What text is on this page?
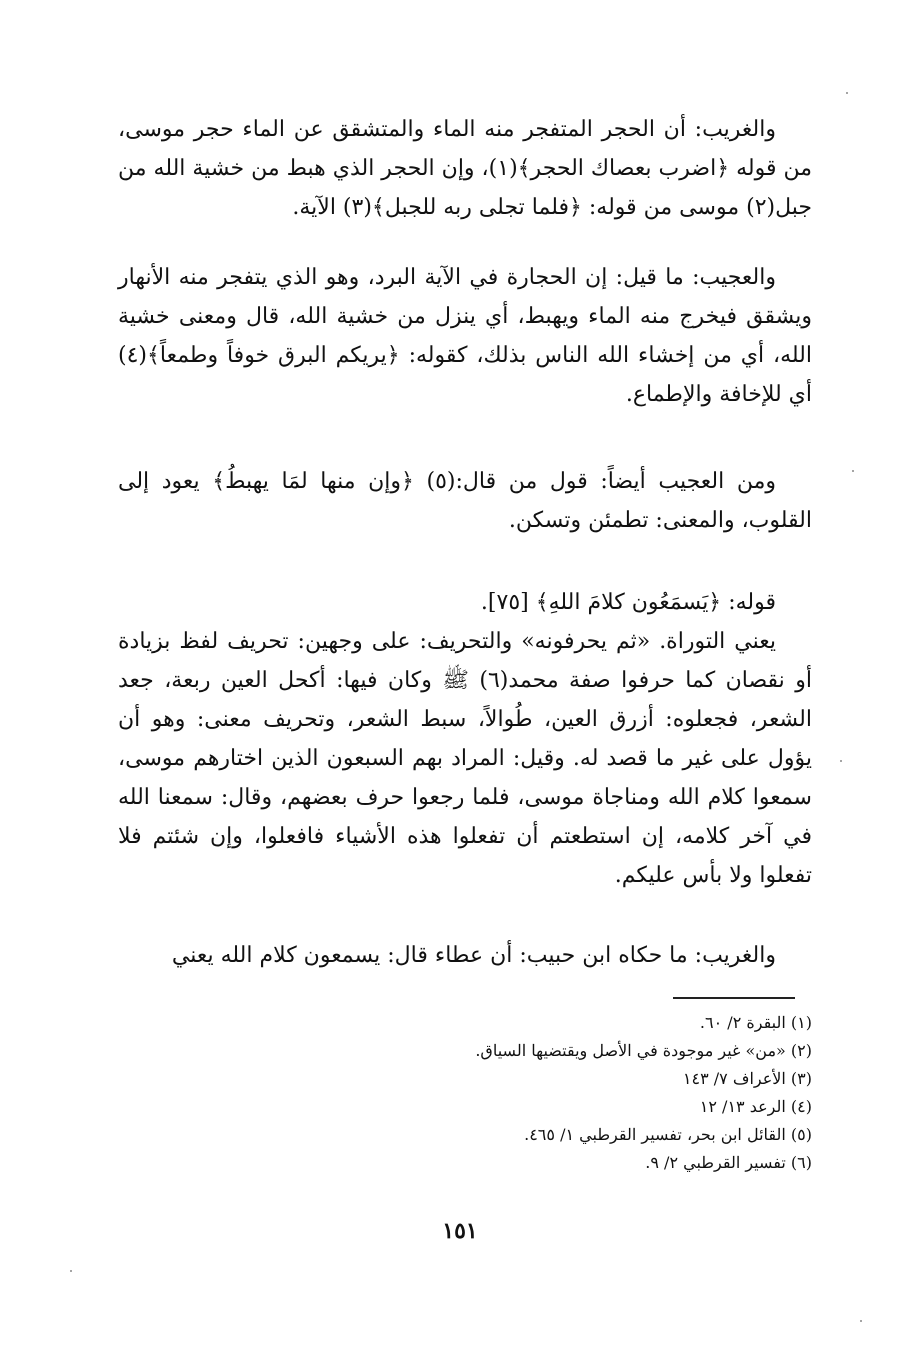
والغريب: أن الحجر المتفجر منه الماء والمتشقق عن الماء حجر موسى، من قوله ﴿اضرب بعصاك الحجر﴾(١)، وإن الحجر الذي هبط من خشية الله من جبل(٢) موسى من قوله: ﴿فلما تجلى ربه للجبل﴾(٣) الآية.

والعجيب: ما قيل: إن الحجارة في الآية البرد، وهو الذي يتفجر منه الأنهار ويشقق فيخرج منه الماء ويهبط، أي ينزل من خشية الله، قال ومعنى خشية الله، أي من إخشاء الله الناس بذلك، كقوله: ﴿يريكم البرق خوفاً وطمعاً﴾(٤) أي للإخافة والإطماع.

ومن العجيب أيضاً: قول من قال:(٥) ﴿وإن منها لمَا يهبطُ﴾ يعود إلى القلوب، والمعنى: تطمئن وتسكن.

قوله: ﴿يَسمَعُون كلامَ اللهِ﴾ [٧٥].

يعني التوراة. «ثم يحرفونه» والتحريف: على وجهين: تحريف لفظ بزيادة أو نقصان كما حرفوا صفة محمد(٦) ﷺ وكان فيها: أكحل العين ربعة، جعد الشعر، فجعلوه: أزرق العين، طُوالاً، سبط الشعر، وتحريف معنى: وهو أن يؤول على غير ما قصد له. وقيل: المراد بهم السبعون الذين اختارهم موسى، سمعوا كلام الله ومناجاة موسى، فلما رجعوا حرف بعضهم، وقال: سمعنا الله في آخر كلامه، إن استطعتم أن تفعلوا هذه الأشياء فافعلوا، وإن شئتم فلا تفعلوا ولا بأس عليكم.

والغريب: ما حكاه ابن حبيب: أن عطاء قال: يسمعون كلام الله يعني

(١) البقرة ٢/ ٦٠.
(٢) «من» غير موجودة في الأصل ويقتضيها السياق.
(٣) الأعراف ٧/ ١٤٣
(٤) الرعد ١٣/ ١٢
(٥) القائل ابن بحر، تفسير القرطبي ١/ ٤٦٥.
(٦) تفسير القرطبي ٢/ ٩.
١٥١
